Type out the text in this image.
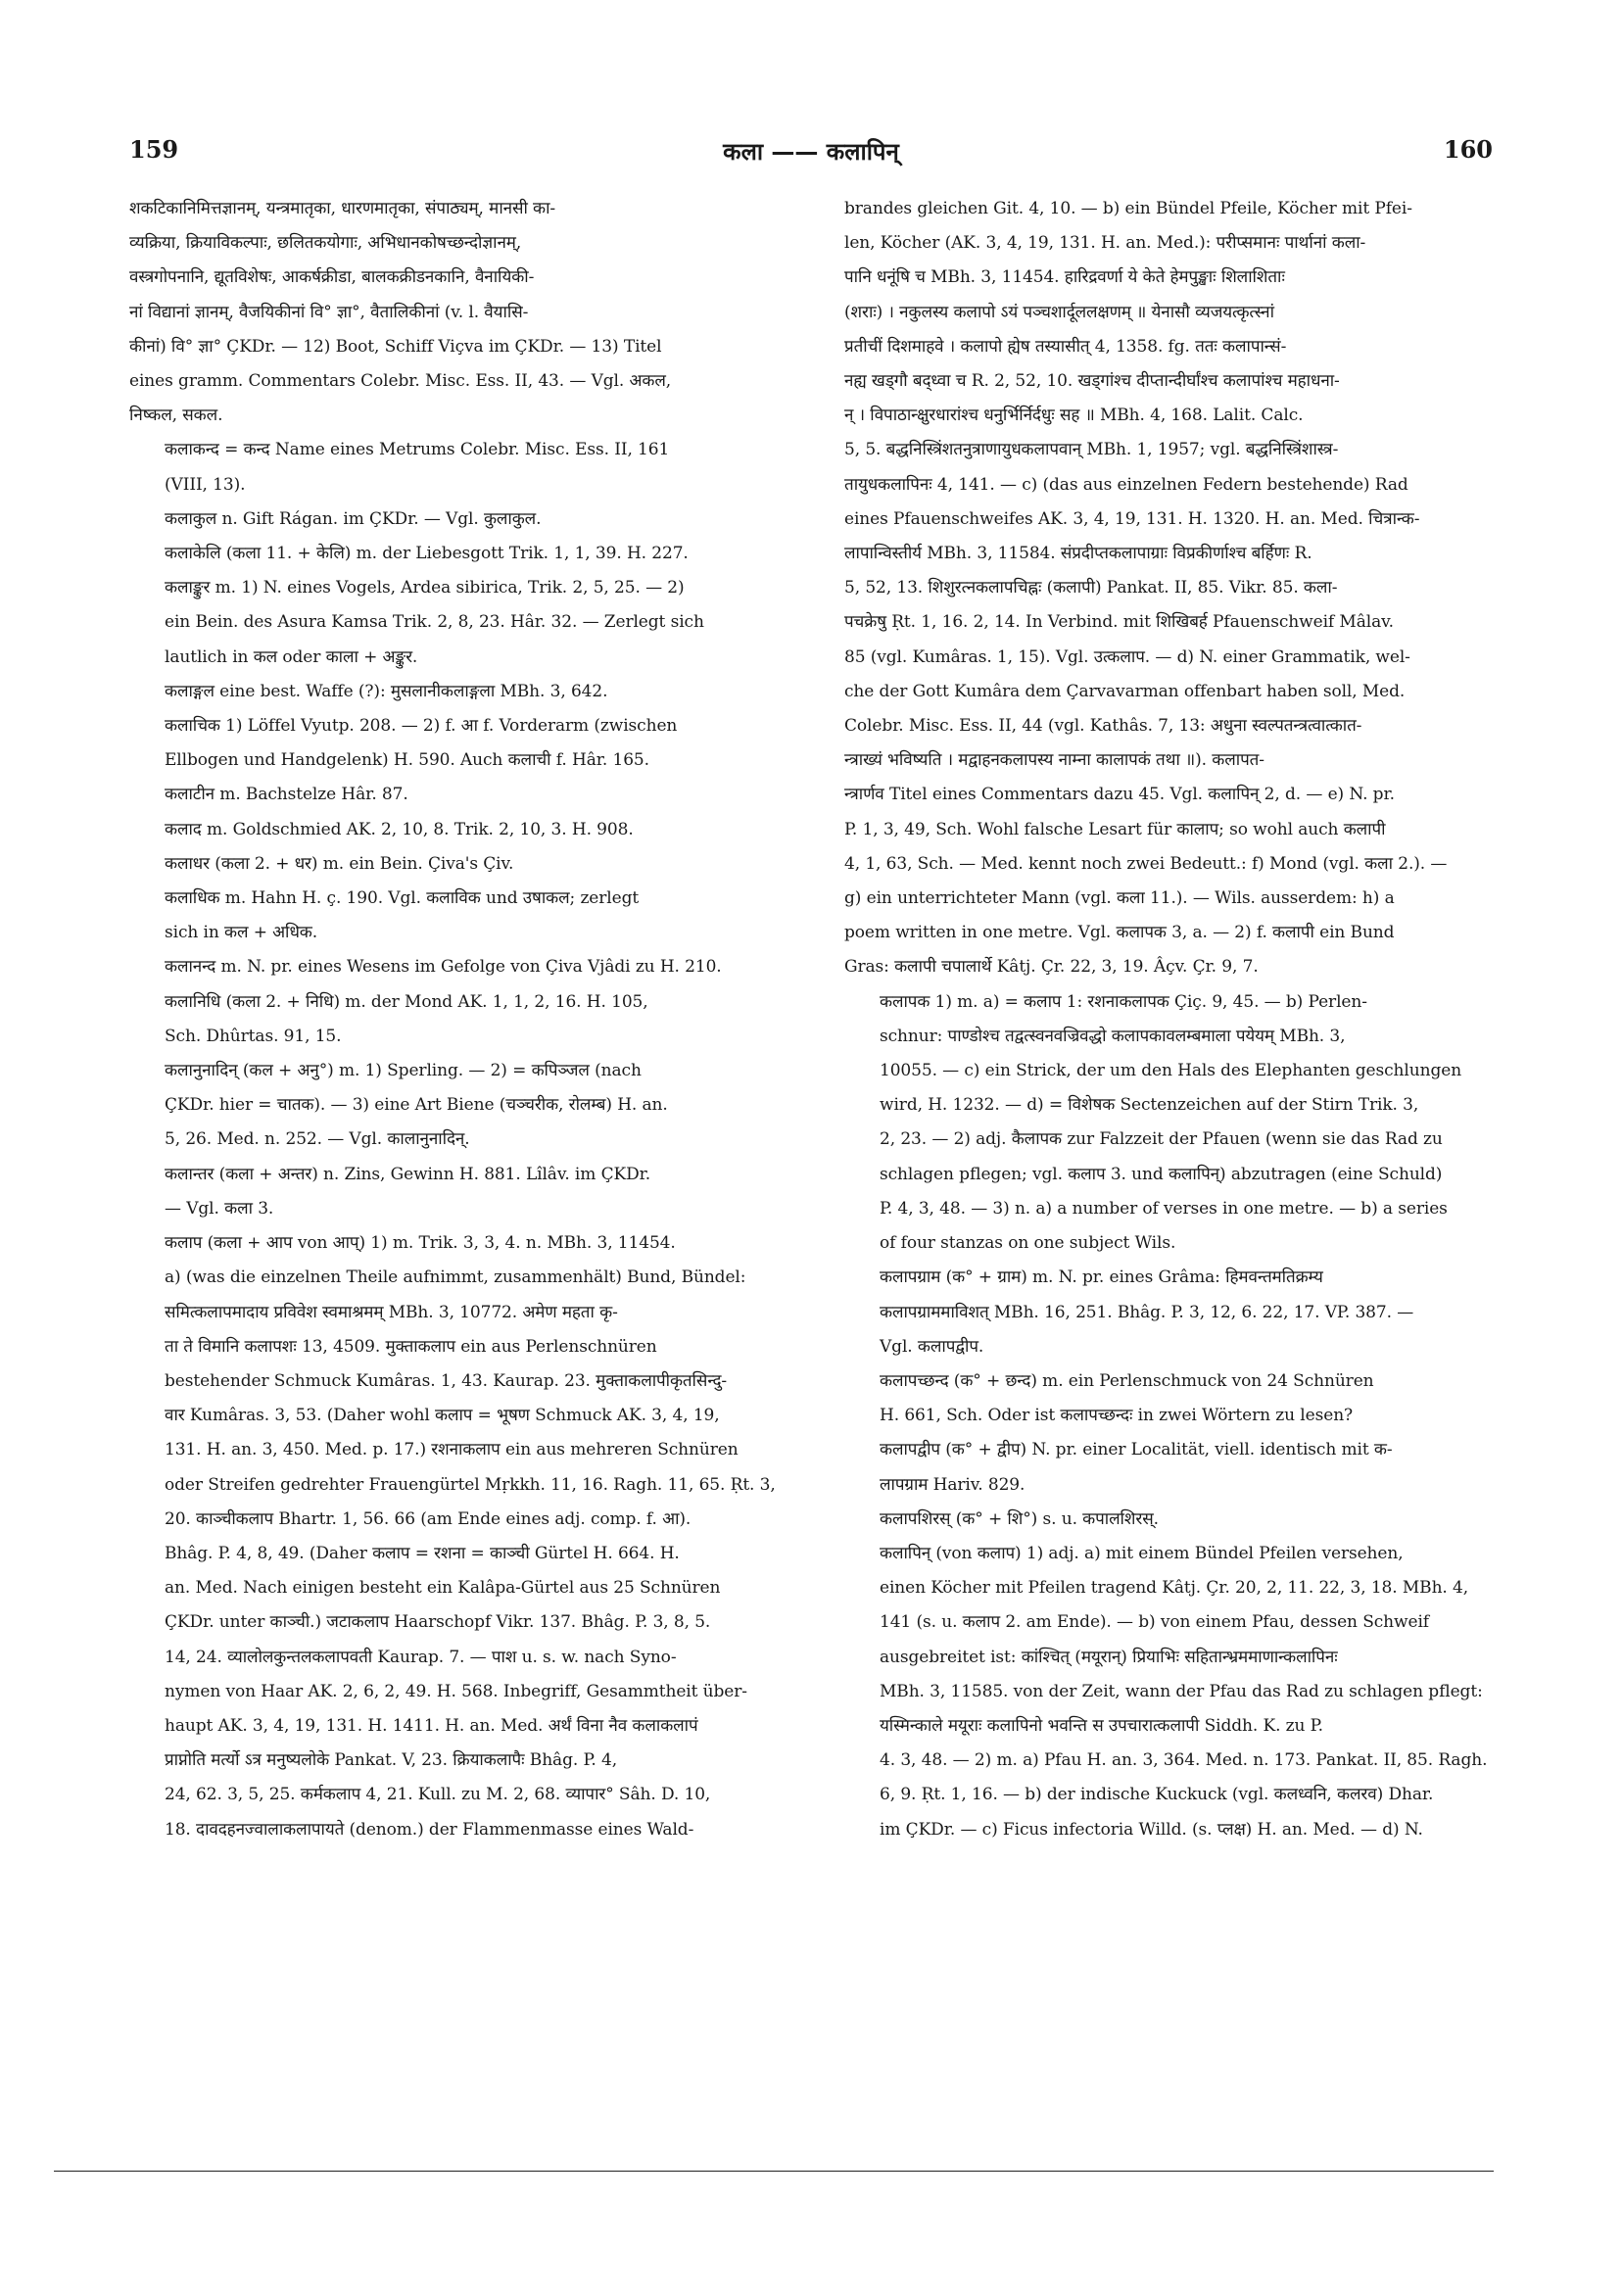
159	कला —— कलापिन्	160

शकटिकानिमित्तज्ञानम्, यन्त्रमातृका, धारणमातृका, संपाठ्यम्, मानसी का-
व्यक्रिया, क्रियाविकल्पाः, छलितकयोगाः, अभिधानकोषच्छन्दोज्ञानम्,
वस्त्रगोपनानि, द्यूतविशेषः, आकर्षक्रीडा, बालकक्रीडनकानि, वैनायिकी-
नां विद्यानां ज्ञानम्, वैजयिकीनां वि° ज्ञा°, वैतालिकीनां (v. l. वैयासि-
कीनां) वि° ज्ञा° ÇKDr. — 12) Boot, Schiff Viçva im ÇKDr. — 13) Titel
eines gramm. Commentars Colebr. Misc. Ess. II, 43. — Vgl. अकल,
निष्कल, सकल.

कलाकन्द = कन्द Name eines Metrums Colebr. Misc. Ess. II, 161
(VIII, 13).

कलाकुल n. Gift Rágan. im ÇKDr. — Vgl. कुलाकुल.

कलाकेलि (कला 11. + केलि) m. der Liebesgott Trik. 1, 1, 39. H. 227.

कलाङ्कुर m. 1) N. eines Vogels, Ardea sibirica, Trik. 2, 5, 25. — 2)
ein Bein. des Asura Kamsa Trik. 2, 8, 23. Hâr. 32. — Zerlegt sich
lautlich in कल oder काला + अङ्कुर.

कलाङ्गल eine best. Waffe (?): मुसलानीकलाङ्गला MBh. 3, 642.

कलाचिक 1) Löffel Vyutp. 208. — 2) f. आ f. Vorderarm (zwischen
Ellbogen und Handgelenk) H. 590. Auch कलाची f. Hâr. 165.

कलाटीन m. Bachstelze Hâr. 87.

कलाद m. Goldschmied AK. 2, 10, 8. Trik. 2, 10, 3. H. 908.

कलाधर (कला 2. + धर) m. ein Bein. Çiva's Çiv.

कलाधिक m. Hahn H. ç. 190. Vgl. कलाविक und उषाकल; zerlegt
sich in कल + अधिक.

कलानन्द m. N. pr. eines Wesens im Gefolge von Çiva Vjâdi zu H. 210.

कलानिधि (कला 2. + निधि) m. der Mond AK. 1, 1, 2, 16. H. 105,
Sch. Dhûrtas. 91, 15.

कलानुनादिन् (कल + अनु°) m. 1) Sperling. — 2) = कपिञ्जल (nach
ÇKDr. hier = चातक). — 3) eine Art Biene (चञ्चरीक, रोलम्ब) H. an.
5, 26. Med. n. 252. — Vgl. कालानुनादिन्.

कलान्तर (कला + अन्तर) n. Zins, Gewinn H. 881. Lîlâv. im ÇKDr.
— Vgl. कला 3.

कलाप (कला + आप von आप्) 1) m. Trik. 3, 3, 4. n. MBh. 3, 11454.
a) (was die einzelnen Theile aufnimmt, zusammenhält) Bund, Bündel:
समित्कलापमादाय प्रविवेश स्वमाश्रमम् MBh. 3, 10772. अमेण महता कृ-
ता ते विमानि कलापशः 13, 4509. मुक्ताकलाप ein aus Perlenschnüren
bestehender Schmuck Kumâras. 1, 43. Kaurap. 23. मुक्ताकलापीकृतसिन्दु-
वार Kumâras. 3, 53. (Daher wohl कलाप = भूषण Schmuck AK. 3, 4, 19,
131. H. an. 3, 450. Med. p. 17.) रशनाकलाप ein aus mehreren Schnüren
oder Streifen gedrehter Frauengürtel Mṛkkh. 11, 16. Ragh. 11, 65. Ṛt. 3,
20. काञ्चीकलाप Bhartr. 1, 56. 66 (am Ende eines adj. comp. f. आ).
Bhâg. P. 4, 8, 49. (Daher कलाप = रशना = काञ्ची Gürtel H. 664. H.
an. Med. Nach einigen besteht ein Kalâpa-Gürtel aus 25 Schnüren
ÇKDr. unter काञ्ची.) जटाकलाप Haarschopf Vikr. 137. Bhâg. P. 3, 8, 5.
14, 24. व्यालोलकुन्तलकलापवती Kaurap. 7. — पाश u. s. w. nach Syno-
nymen von Haar AK. 2, 6, 2, 49. H. 568. Inbegriff, Gesammtheit über-
haupt AK. 3, 4, 19, 131. H. 1411. H. an. Med. अर्थं विना नैव कलाकलापं
प्राप्नोति मर्त्यो ऽत्र मनुष्यलोके Pankat. V, 23. क्रियाकलापैः Bhâg. P. 4,
24, 62. 3, 5, 25. कर्मकलाप 4, 21. Kull. zu M. 2, 68. व्यापार° Sâh. D. 10,
18. दावदहनज्वालाकलापायते (denom.) der Flammenmasse eines Wald-

brandes gleichen Git. 4, 10. — b) ein Bündel Pfeile, Köcher mit Pfei-
len, Köcher (AK. 3, 4, 19, 131. H. an. Med.): परीप्समानः पार्थानां कला-
पानि धनूंषि च MBh. 3, 11454. हारिद्रवर्णा ये केते हेमपुङ्खाः शिलाशिताः
(शराः) । नकुलस्य कलापो ऽयं पञ्चशार्दूललक्षणम् ॥ येनासौ व्यजयत्कृत्स्नां
प्रतीचीं दिशमाहवे । कलापो ह्येष तस्यासीत् 4, 1358. fg. ततः कलापान्सं-
नह्य खड्गौ बद्ध्वा च R. 2, 52, 10. खड्गांश्च दीप्तान्दीर्घांश्च कलापांश्च महाधना-
न् । विपाठान्क्षुरधारांश्च धनुर्भिर्निर्दधुः सह ॥ MBh. 4, 168. Lalit. Calc.
5, 5. बद्धनिस्त्रिंशतनुत्राणायुधकलापवान् MBh. 1, 1957; vgl. बद्धनिस्त्रिंशास्त्र-
तायुधकलापिनः 4, 141. — c) (das aus einzelnen Federn bestehende) Rad
eines Pfauenschweifes AK. 3, 4, 19, 131. H. 1320. H. an. Med. चित्रान्क-
लापान्विस्तीर्य MBh. 3, 11584. संप्रदीप्तकलापाग्राः विप्रकीर्णाश्च बर्हिणः R.
5, 52, 13. शिशुरत्नकलापचिह्नः (कलापी) Pankat. II, 85. Vikr. 85. कला-
पचक्रेषु Ṛt. 1, 16. 2, 14. In Verbind. mit शिखिबर्ह Pfauenschweif Mâlav.
85 (vgl. Kumâras. 1, 15). Vgl. उत्कलाप. — d) N. einer Grammatik, wel-
che der Gott Kumâra dem Çarvavarman offenbart haben soll, Med.
Colebr. Misc. Ess. II, 44 (vgl. Kathâs. 7, 13: अधुना स्वल्पतन्त्रत्वात्कात-
न्त्राख्यं भविष्यति । मद्वाहनकलापस्य नाम्ना कालापकं तथा ॥). कलापत-
न्त्रार्णव Titel eines Commentars dazu 45. Vgl. कलापिन् 2, d. — e) N. pr.
P. 1, 3, 49, Sch. Wohl falsche Lesart für कालाप; so wohl auch कलापी
4, 1, 63, Sch. — Med. kennt noch zwei Bedeutt.: f) Mond (vgl. कला 2.). —
g) ein unterrichteter Mann (vgl. कला 11.). — Wils. ausserdem: h) a
poem written in one metre. Vgl. कलापक 3, a. — 2) f. कलापी ein Bund
Gras: कलापी चपालार्थे Kâtj. Çr. 22, 3, 19. Âçv. Çr. 9, 7.

कलापक 1) m. a) = कलाप 1: रशनाकलापक Çiç. 9, 45. — b) Perlen-
schnur: पाण्डोश्च तद्वत्स्वनवज्रिवद्धो कलापकावलम्बमाला पयेयम् MBh. 3,
10055. — c) ein Strick, der um den Hals des Elephanten geschlungen
wird, H. 1232. — d) = विशेषक Sectenzeichen auf der Stirn Trik. 3,
2, 23. — 2) adj. कैलापक zur Falzzeit der Pfauen (wenn sie das Rad zu
schlagen pflegen; vgl. कलाप 3. und कलापिन्) abzutragen (eine Schuld)
P. 4, 3, 48. — 3) n. a) a number of verses in one metre. — b) a series
of four stanzas on one subject Wils.

कलापग्राम (क° + ग्राम) m. N. pr. eines Grâma: हिमवन्तमतिक्रम्य
कलापग्राममाविशत् MBh. 16, 251. Bhâg. P. 3, 12, 6. 22, 17. VP. 387. —
Vgl. कलापद्वीप.

कलापच्छन्द (क° + छन्द) m. ein Perlenschmuck von 24 Schnüren
H. 661, Sch. Oder ist कलापच्छन्दः in zwei Wörtern zu lesen?

कलापद्वीप (क° + द्वीप) N. pr. einer Localität, viell. identisch mit क-
लापग्राम Hariv. 829.

कलापशिरस् (क° + शि°) s. u. कपालशिरस्.

कलापिन् (von कलाप) 1) adj. a) mit einem Bündel Pfeilen versehen,
einen Köcher mit Pfeilen tragend Kâtj. Çr. 20, 2, 11. 22, 3, 18. MBh. 4,
141 (s. u. कलाप 2. am Ende). — b) von einem Pfau, dessen Schweif
ausgebreitet ist: कांश्चित् (मयूरान्) प्रियाभिः सहितान्भ्रममाणान्कलापिनः
MBh. 3, 11585. von der Zeit, wann der Pfau das Rad zu schlagen pflegt:
यस्मिन्काले मयूराः कलापिनो भवन्ति स उपचारात्कलापी Siddh. K. zu P.
4. 3, 48. — 2) m. a) Pfau H. an. 3, 364. Med. n. 173. Pankat. II, 85. Ragh.
6, 9. Ṛt. 1, 16. — b) der indische Kuckuck (vgl. कलध्वनि, कलरव) Dhar.
im ÇKDr. — c) Ficus infectoria Willd. (s. प्लक्ष) H. an. Med. — d) N.
